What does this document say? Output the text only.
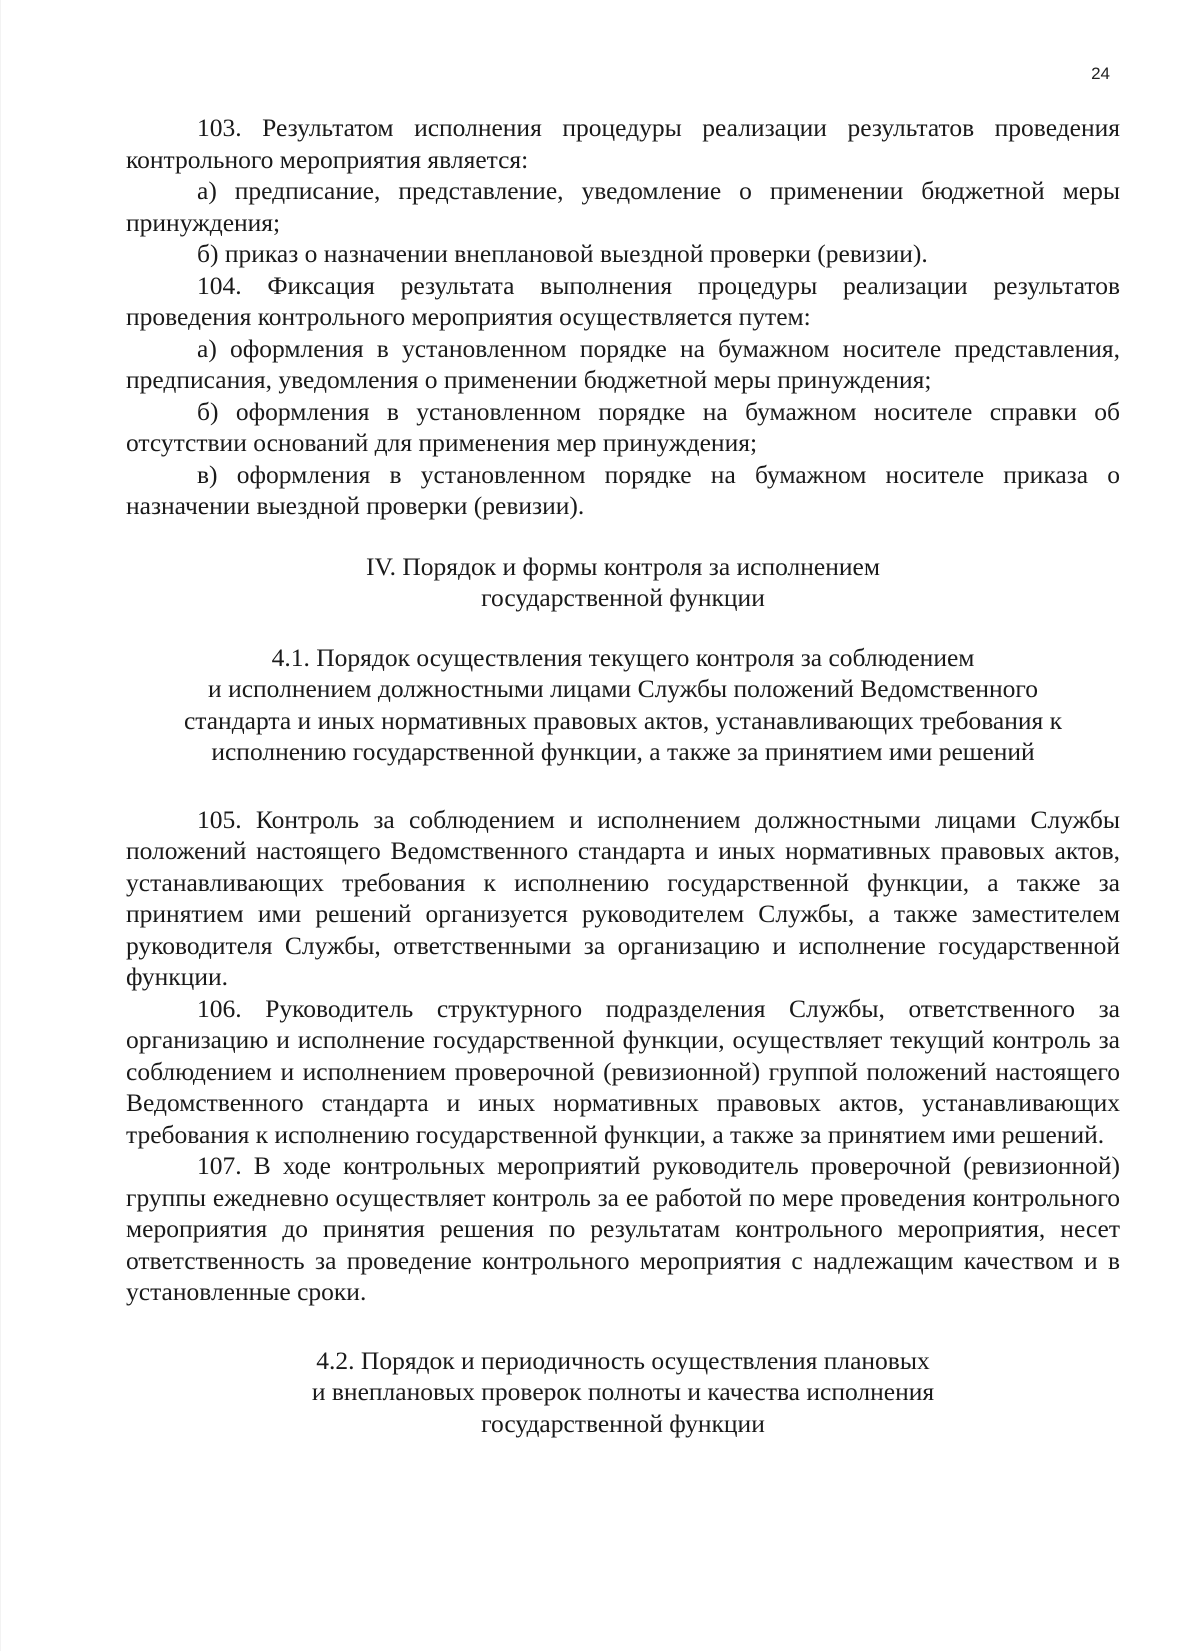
24

103. Результатом исполнения процедуры реализации результатов проведения контрольного мероприятия является:

а) предписание, представление, уведомление о применении бюджетной меры принуждения;

б) приказ о назначении внеплановой выездной проверки (ревизии).

104. Фиксация результата выполнения процедуры реализации результатов проведения контрольного мероприятия осуществляется путем:

а) оформления в установленном порядке на бумажном носителе представления, предписания, уведомления о применении бюджетной меры принуждения;

б) оформления в установленном порядке на бумажном носителе справки об отсутствии оснований для применения мер принуждения;

в) оформления в установленном порядке на бумажном носителе приказа о назначении выездной проверки (ревизии).

IV. Порядок и формы контроля за исполнением
государственной функции
4.1. Порядок осуществления текущего контроля за соблюдением
и исполнением должностными лицами Службы положений Ведомственного
стандарта и иных нормативных правовых актов, устанавливающих требования к
исполнению государственной функции, а также за принятием ими решений

105. Контроль за соблюдением и исполнением должностными лицами Службы положений настоящего Ведомственного стандарта и иных нормативных правовых актов, устанавливающих требования к исполнению государственной функции, а также за принятием ими решений организуется руководителем Службы, а также заместителем руководителя Службы, ответственными за организацию и исполнение государственной функции.

106. Руководитель структурного подразделения Службы, ответственного за организацию и исполнение государственной функции, осуществляет текущий контроль за соблюдением и исполнением проверочной (ревизионной) группой положений настоящего Ведомственного стандарта и иных нормативных правовых актов, устанавливающих требования к исполнению государственной функции, а также за принятием ими решений.

107. В ходе контрольных мероприятий руководитель проверочной (ревизионной) группы ежедневно осуществляет контроль за ее работой по мере проведения контрольного мероприятия до принятия решения по результатам контрольного мероприятия, несет ответственность за проведение контрольного мероприятия с надлежащим качеством и в установленные сроки.

4.2. Порядок и периодичность осуществления плановых
и внеплановых проверок полноты и качества исполнения
государственной функции
